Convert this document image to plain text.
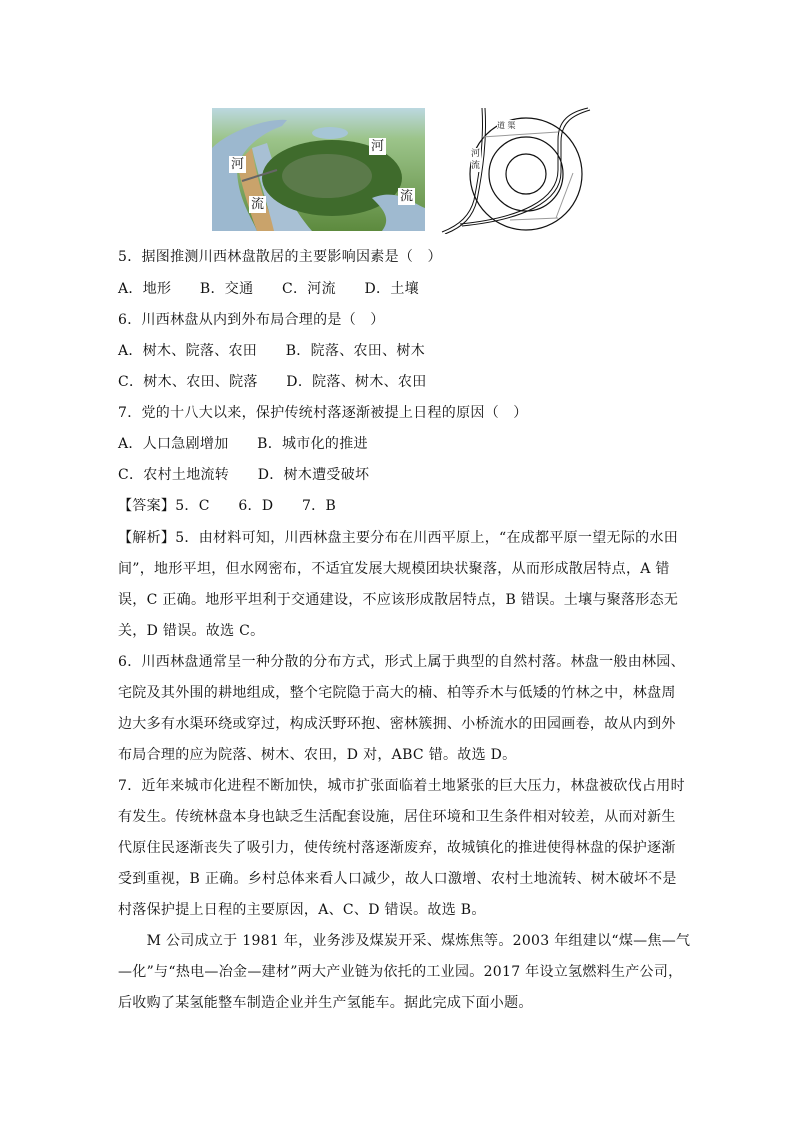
河
流
河
流
道 渠
河流
5．据图推测川西林盘散居的主要影响因素是（　）
A．地形　　B．交通　　C．河流　　D．土壤
6．川西林盘从内到外布局合理的是（　）
A．树木、院落、农田　　B．院落、农田、树木
C．树木、农田、院落　　D．院落、树木、农田
7．党的十八大以来，保护传统村落逐渐被提上日程的原因（　）
A．人口急剧增加　　B．城市化的推进
C．农村土地流转　　D．树木遭受破坏
【答案】5．C　　6．D　　7．B
【解析】5．由材料可知，川西林盘主要分布在川西平原上，“在成都平原一望无际的水田
间”，地形平坦，但水网密布，不适宜发展大规模团块状聚落，从而形成散居特点，A 错
误，C 正确。地形平坦利于交通建设，不应该形成散居特点，B 错误。土壤与聚落形态无
关，D 错误。故选 C。
6．川西林盘通常呈一种分散的分布方式，形式上属于典型的自然村落。林盘一般由林园、
宅院及其外围的耕地组成，整个宅院隐于高大的楠、柏等乔木与低矮的竹林之中，林盘周
边大多有水渠环绕或穿过，构成沃野环抱、密林簇拥、小桥流水的田园画卷，故从内到外
布局合理的应为院落、树木、农田，D 对，ABC 错。故选 D。
7．近年来城市化进程不断加快，城市扩张面临着土地紧张的巨大压力，林盘被砍伐占用时
有发生。传统林盘本身也缺乏生活配套设施，居住环境和卫生条件相对较差，从而对新生
代原住民逐渐丧失了吸引力，使传统村落逐渐废弃，故城镇化的推进使得林盘的保护逐渐
受到重视，B 正确。乡村总体来看人口减少，故人口激增、农村土地流转、树木破坏不是
村落保护提上日程的主要原因，A、C、D 错误。故选 B。
　　M 公司成立于 1981 年，业务涉及煤炭开采、煤炼焦等。2003 年组建以“煤—焦—气
—化”与“热电—冶金—建材”两大产业链为依托的工业园。2017 年设立氢燃料生产公司，
后收购了某氢能整车制造企业并生产氢能车。据此完成下面小题。
